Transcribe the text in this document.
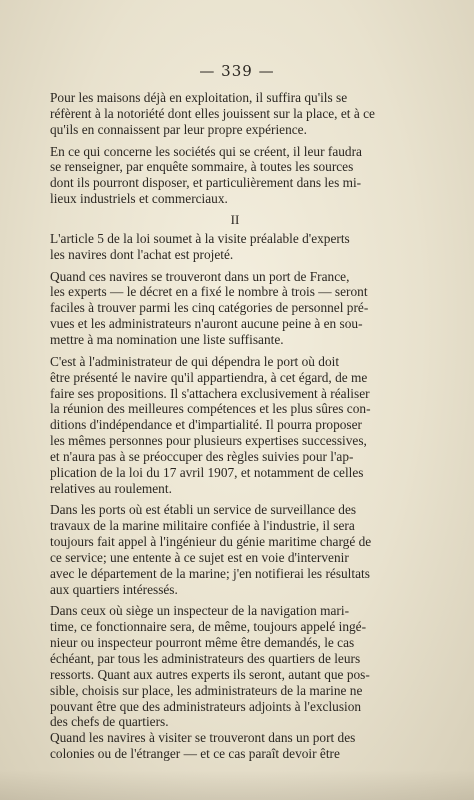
— 339 —
Pour les maisons déjà en exploitation, il suffira qu'ils se
réfèrent à la notoriété dont elles jouissent sur la place, et à ce
qu'ils en connaissent par leur propre expérience.
En ce qui concerne les sociétés qui se créent, il leur faudra
se renseigner, par enquête sommaire, à toutes les sources
dont ils pourront disposer, et particulièrement dans les mi-
lieux industriels et commerciaux.
II
L'article 5 de la loi soumet à la visite préalable d'experts
les navires dont l'achat est projeté.
Quand ces navires se trouveront dans un port de France,
les experts — le décret en a fixé le nombre à trois — seront
faciles à trouver parmi les cinq catégories de personnel pré-
vues et les administrateurs n'auront aucune peine à en sou-
mettre à ma nomination une liste suffisante.
C'est à l'administrateur de qui dépendra le port où doit
être présenté le navire qu'il appartiendra, à cet égard, de me
faire ses propositions. Il s'attachera exclusivement à réaliser
la réunion des meilleures compétences et les plus sûres con-
ditions d'indépendance et d'impartialité. Il pourra proposer
les mêmes personnes pour plusieurs expertises successives,
et n'aura pas à se préoccuper des règles suivies pour l'ap-
plication de la loi du 17 avril 1907, et notamment de celles
relatives au roulement.
Dans les ports où est établi un service de surveillance des
travaux de la marine militaire confiée à l'industrie, il sera
toujours fait appel à l'ingénieur du génie maritime chargé de
ce service; une entente à ce sujet est en voie d'intervenir
avec le département de la marine; j'en notifierai les résultats
aux quartiers intéressés.
Dans ceux où siège un inspecteur de la navigation mari-
time, ce fonctionnaire sera, de même, toujours appelé ingé-
nieur ou inspecteur pourront même être demandés, le cas
échéant, par tous les administrateurs des quartiers de leurs
ressorts. Quant aux autres experts ils seront, autant que pos-
sible, choisis sur place, les administrateurs de la marine ne
pouvant être que des administrateurs adjoints à l'exclusion
des chefs de quartiers.
Quand les navires à visiter se trouveront dans un port des
colonies ou de l'étranger — et ce cas paraît devoir être
